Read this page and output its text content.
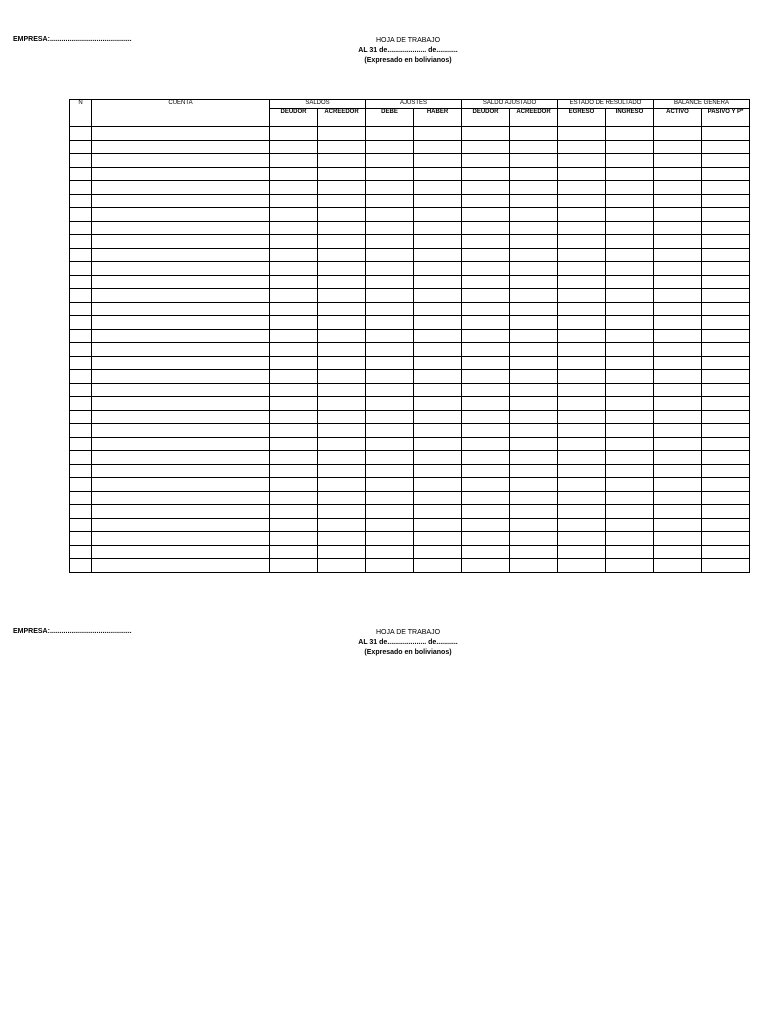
EMPRESA:..........................................	HOJA DE TRABAJO
AL 31 de.................... de...........
(Expresado en bolivianos)
N	CUENTA	SALDOS		AJUSTES		SALDO AJUSTADO		ESTADO DE RESULTADO		BALANCE GENERA	
		DEUDOR	ACREEDOR	DEBE	HABER	DEUDOR	ACREEDOR	EGRESO	INGRESO	ACTIVO	PASIVO Y P*

EMPRESA:..........................................	HOJA DE TRABAJO
AL 31 de.................... de...........
(Expresado en bolivianos)
